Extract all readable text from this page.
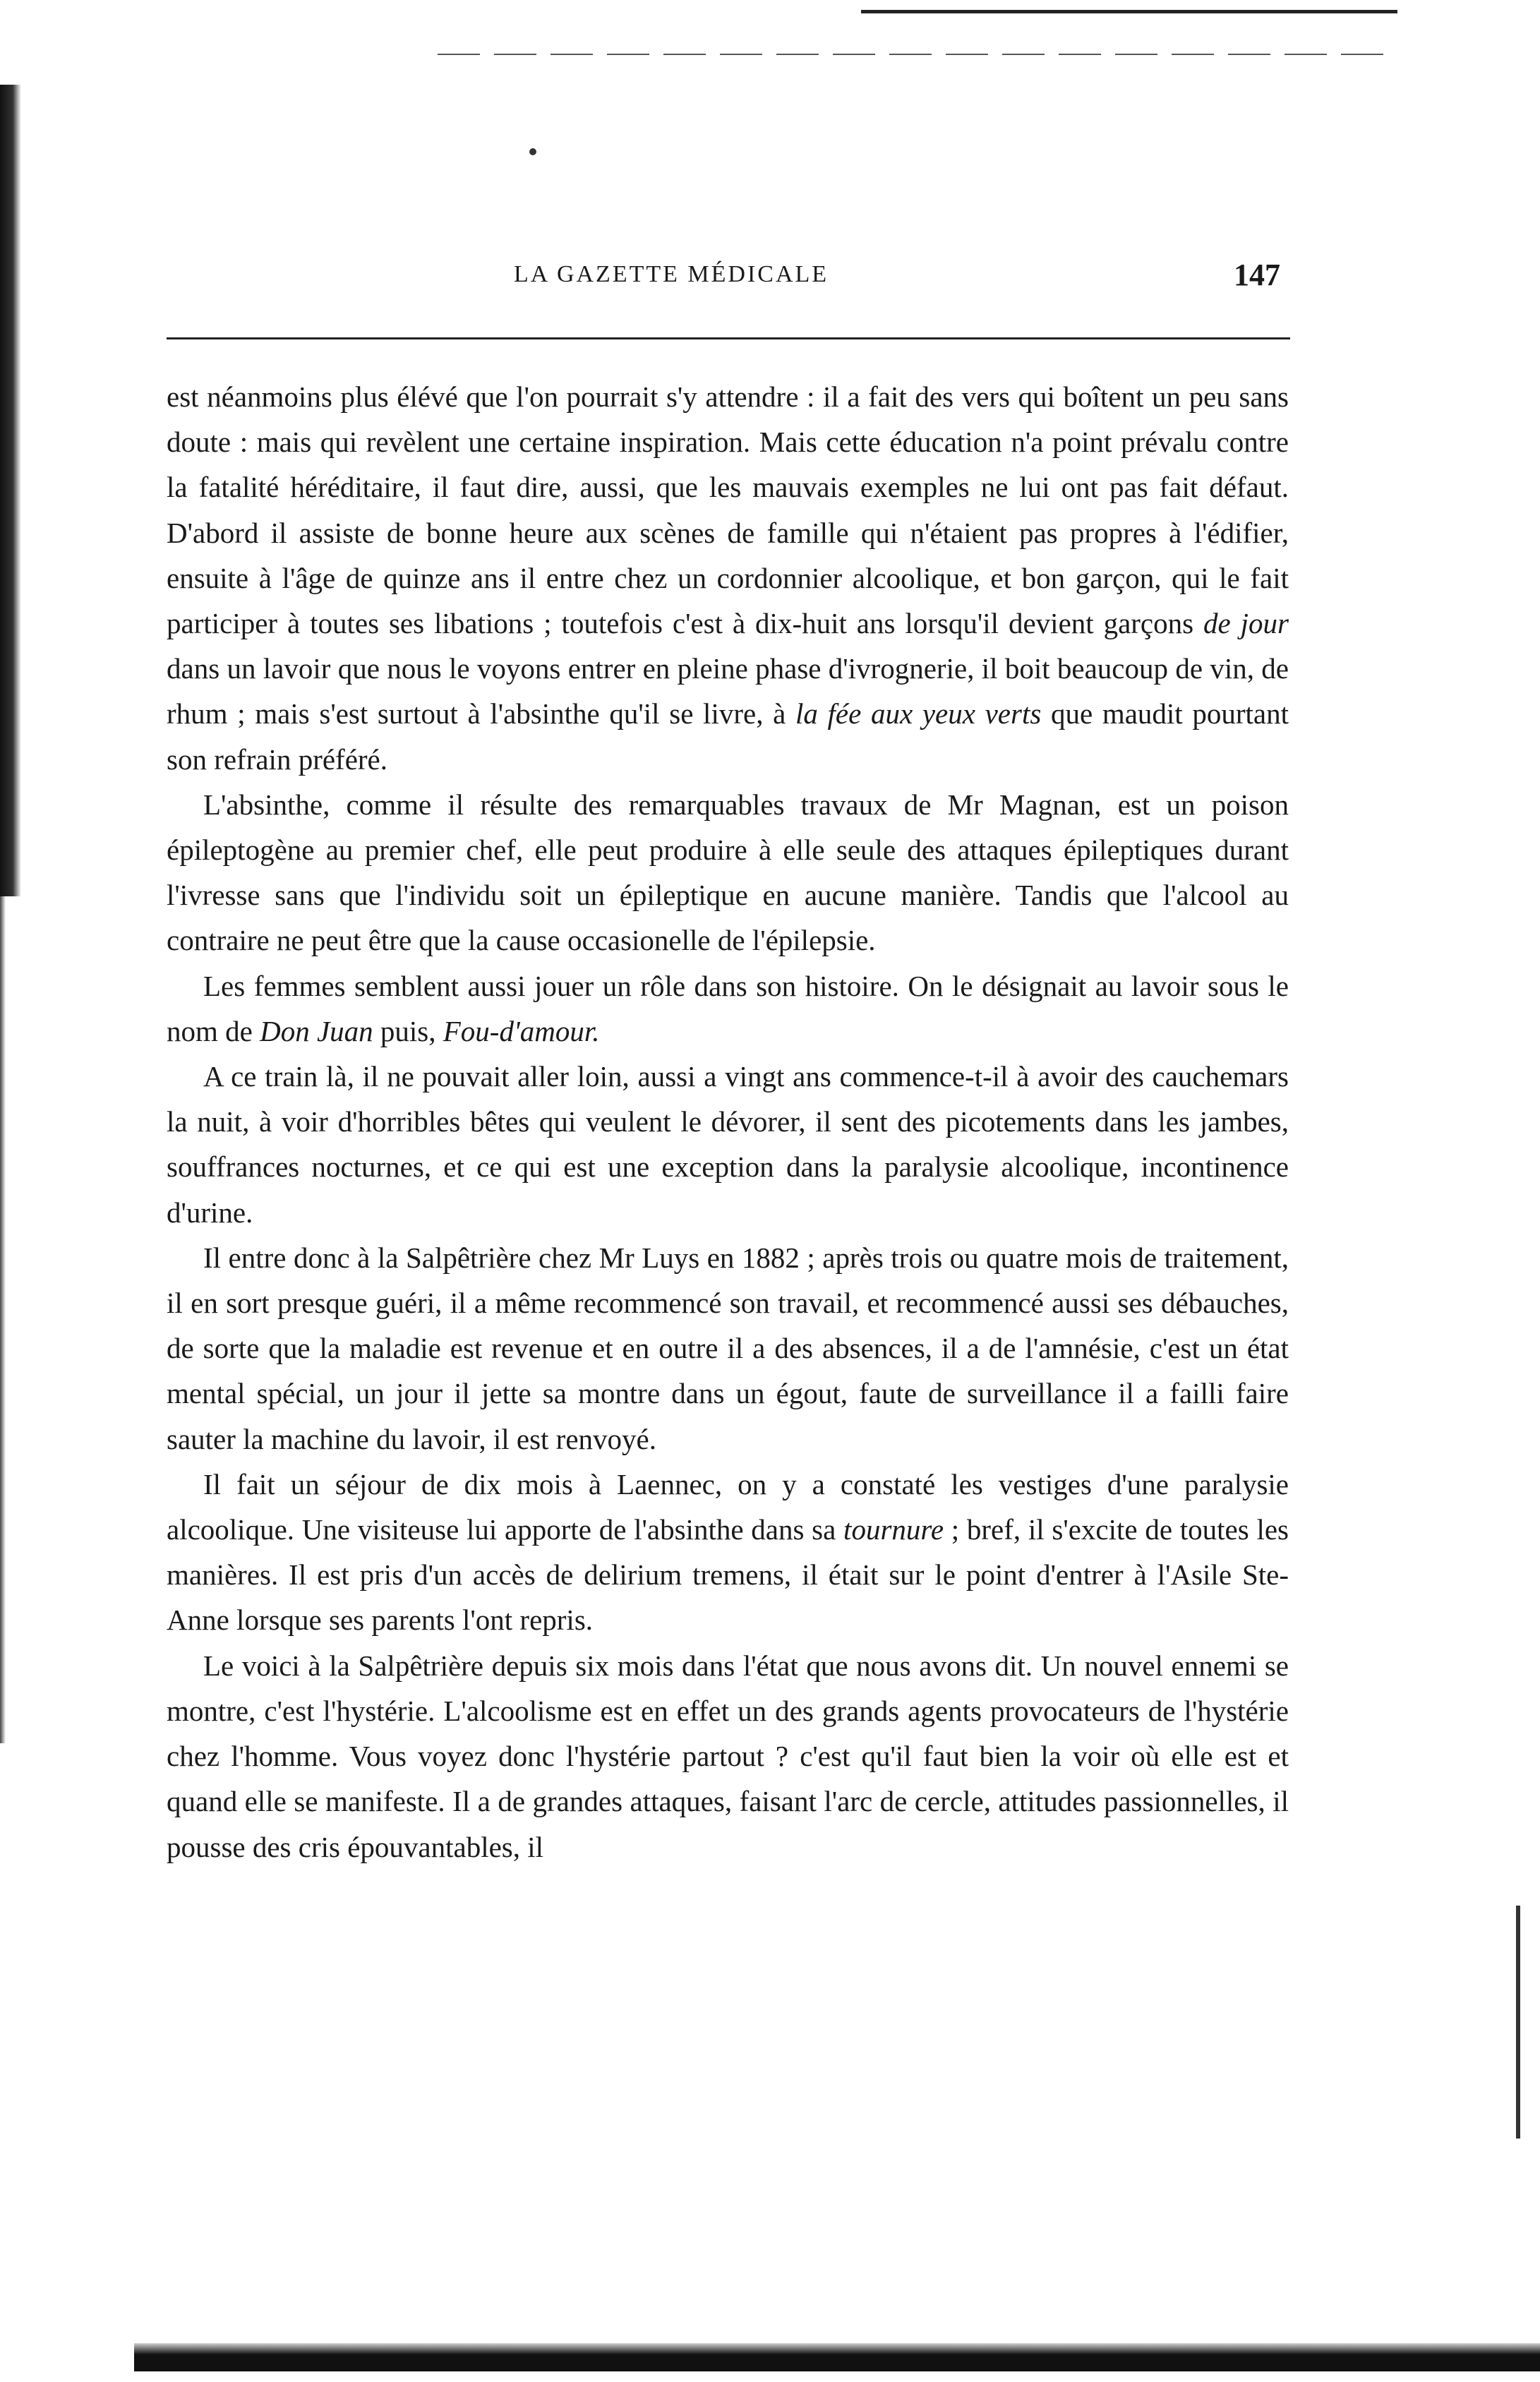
LA GAZETTE MÉDICALE	147

est néanmoins plus élévé que l'on pourrait s'y attendre : il a fait des vers qui boîtent un peu sans doute : mais qui revèlent une certaine inspiration. Mais cette éducation n'a point prévalu contre la fatalité héréditaire, il faut dire, aussi, que les mauvais exemples ne lui ont pas fait défaut. D'abord il assiste de bonne heure aux scènes de famille qui n'étaient pas propres à l'édifier, ensuite à l'âge de quinze ans il entre chez un cordonnier alcoolique, et bon garçon, qui le fait participer à toutes ses libations ; toutefois c'est à dix-huit ans lorsqu'il devient garçons de jour dans un lavoir que nous le voyons entrer en pleine phase d'ivrognerie, il boit beaucoup de vin, de rhum ; mais s'est surtout à l'absinthe qu'il se livre, à la fée aux yeux verts que maudit pourtant son refrain préféré.

L'absinthe, comme il résulte des remarquables travaux de Mr Magnan, est un poison épileptogène au premier chef, elle peut produire à elle seule des attaques épileptiques durant l'ivresse sans que l'individu soit un épileptique en aucune manière. Tandis que l'alcool au contraire ne peut être que la cause occasionelle de l'épilepsie.

Les femmes semblent aussi jouer un rôle dans son histoire. On le désignait au lavoir sous le nom de Don Juan puis, Fou-d'amour.

A ce train là, il ne pouvait aller loin, aussi a vingt ans commence-t-il à avoir des cauchemars la nuit, à voir d'horribles bêtes qui veulent le dévorer, il sent des picotements dans les jambes, souffrances nocturnes, et ce qui est une exception dans la paralysie alcoolique, incontinence d'urine.

Il entre donc à la Salpêtrière chez Mr Luys en 1882 ; après trois ou quatre mois de traitement, il en sort presque guéri, il a même recommencé son travail, et recommencé aussi ses débauches, de sorte que la maladie est revenue et en outre il a des absences, il a de l'amnésie, c'est un état mental spécial, un jour il jette sa montre dans un égout, faute de surveillance il a failli faire sauter la machine du lavoir, il est renvoyé.

Il fait un séjour de dix mois à Laennec, on y a constaté les vestiges d'une paralysie alcoolique. Une visiteuse lui apporte de l'absinthe dans sa tournure ; bref, il s'excite de toutes les manières. Il est pris d'un accès de delirium tremens, il était sur le point d'entrer à l'Asile Ste-Anne lorsque ses parents l'ont repris.

Le voici à la Salpêtrière depuis six mois dans l'état que nous avons dit. Un nouvel ennemi se montre, c'est l'hystérie. L'alcoolisme est en effet un des grands agents provocateurs de l'hystérie chez l'homme. Vous voyez donc l'hystérie partout ? c'est qu'il faut bien la voir où elle est et quand elle se manifeste. Il a de grandes attaques, faisant l'arc de cercle, attitudes passionnelles, il pousse des cris épouvantables, il
